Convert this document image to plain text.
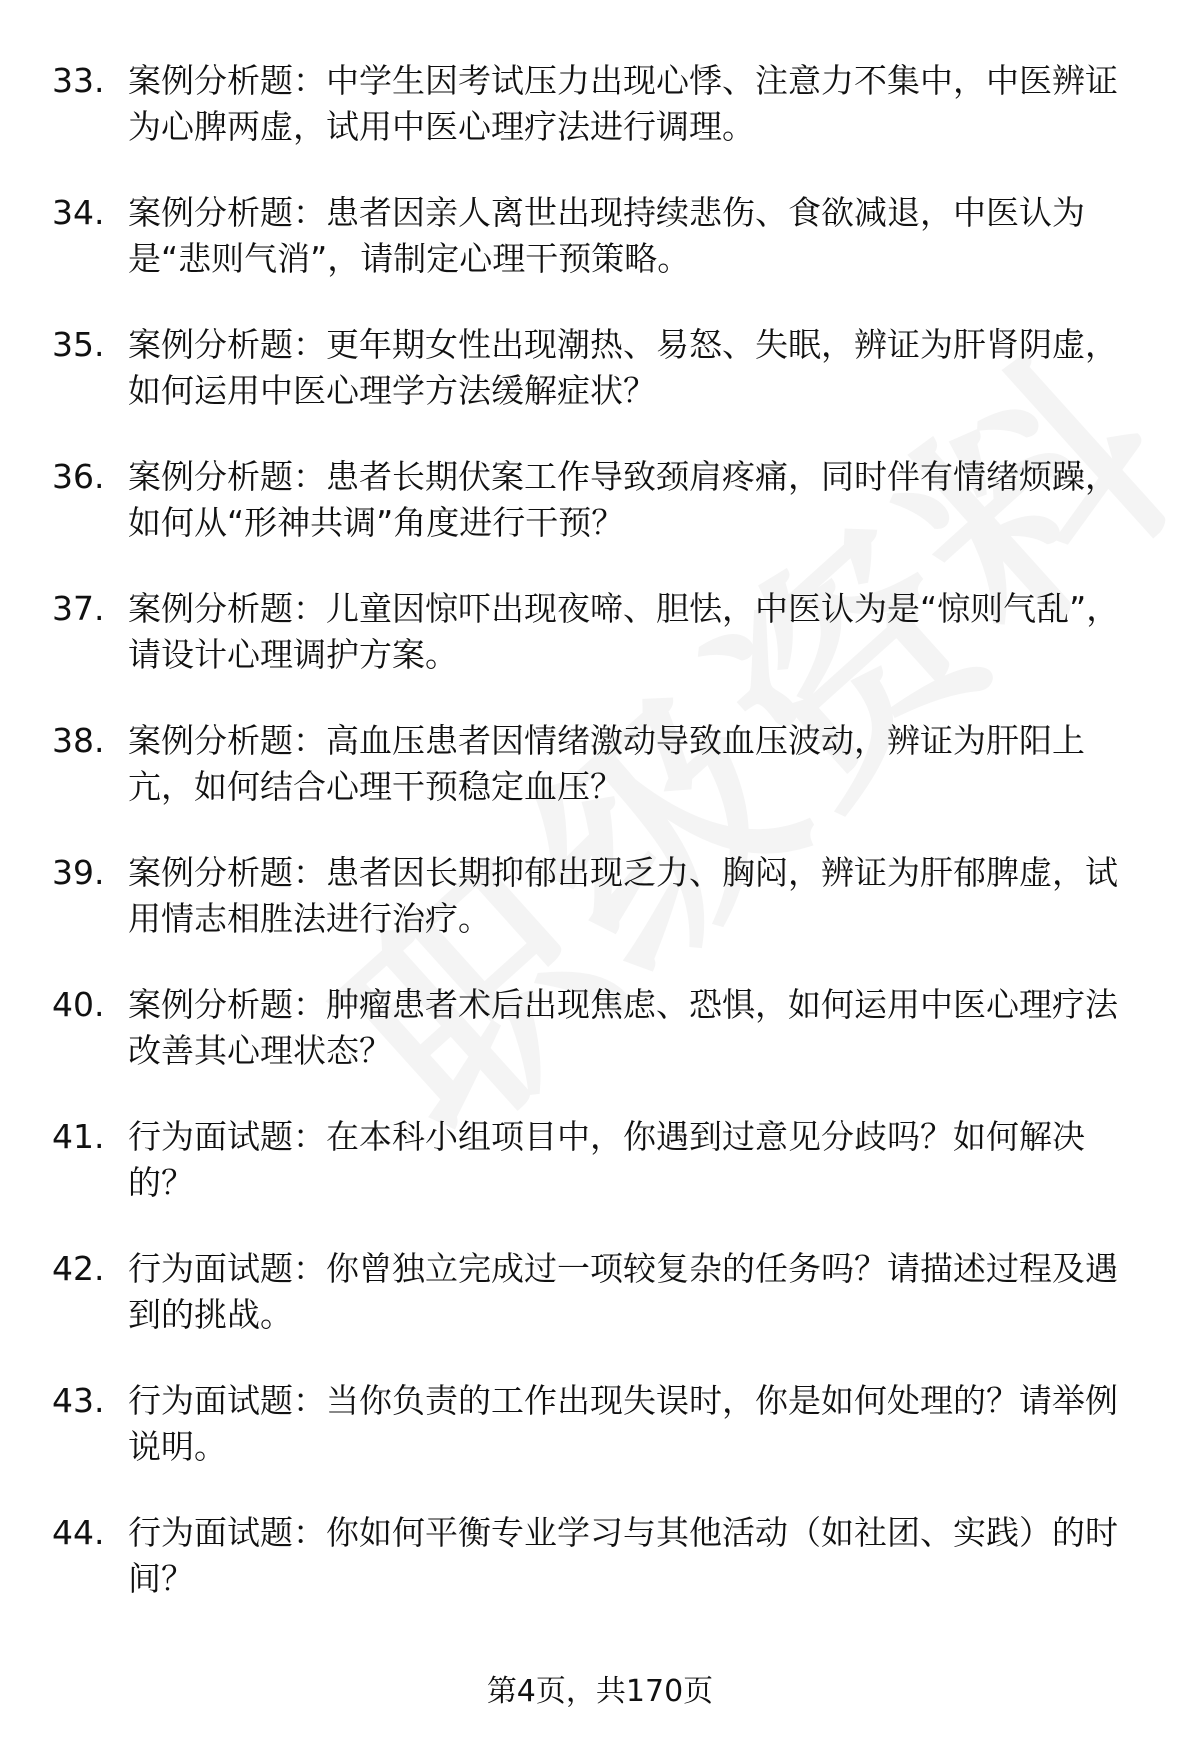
33. 案例分析题：中学生因考试压力出现心悸、注意力不集中，中医辨证为心脾两虚，试用中医心理疗法进行调理。
34. 案例分析题：患者因亲人离世出现持续悲伤、食欲减退，中医认为是“悲则气消”，请制定心理干预策略。
35. 案例分析题：更年期女性出现潮热、易怒、失眠，辨证为肝肾阴虚，如何运用中医心理学方法缓解症状？
36. 案例分析题：患者长期伏案工作导致颈肩疼痛，同时伴有情绪烦躁，如何从“形神共调”角度进行干预？
37. 案例分析题：儿童因惊吓出现夜啼、胆怯，中医认为是“惊则气乱”，请设计心理调护方案。
38. 案例分析题：高血压患者因情绪激动导致血压波动，辨证为肝阳上亢，如何结合心理干预稳定血压？
39. 案例分析题：患者因长期抑郁出现乏力、胸闷，辨证为肝郁脾虚，试用情志相胜法进行治疗。
40. 案例分析题：肿瘤患者术后出现焦虑、恐惧，如何运用中医心理疗法改善其心理状态？
41. 行为面试题：在本科小组项目中，你遇到过意见分歧吗？如何解决的？
42. 行为面试题：你曾独立完成过一项较复杂的任务吗？请描述过程及遇到的挑战。
43. 行为面试题：当你负责的工作出现失误时，你是如何处理的？请举例说明。
44. 行为面试题：你如何平衡专业学习与其他活动（如社团、实践）的时间？
第4页，共170页
